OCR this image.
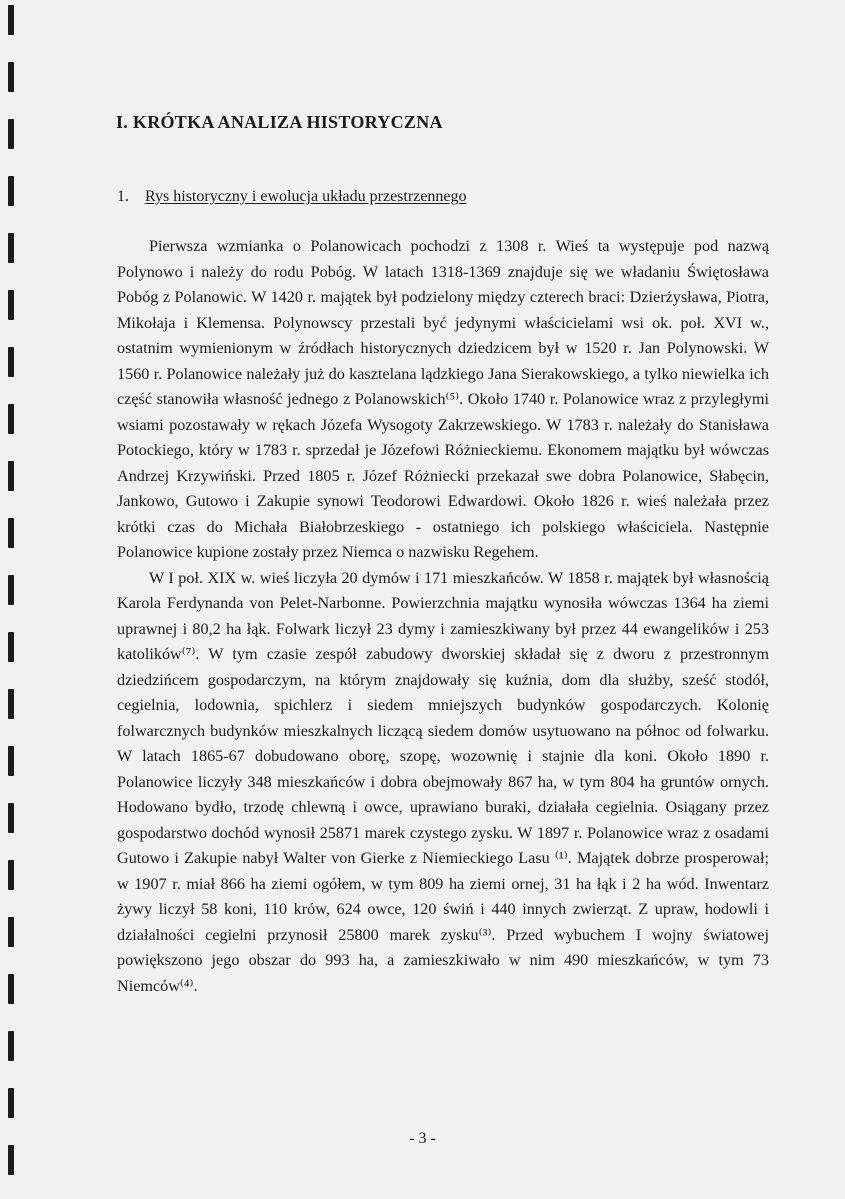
I. KRÓTKA ANALIZA HISTORYCZNA
1. Rys historyczny i ewolucja układu przestrzennego

Pierwsza wzmianka o Polanowicach pochodzi z 1308 r. Wieś ta występuje pod nazwą Polynowo i należy do rodu Pobóg. W latach 1318-1369 znajduje się we władaniu Świętosława Pobóg z Polanowic. W 1420 r. majątek był podzielony między czterech braci: Dzierżysława, Piotra, Mikołaja i Klemensa. Polynowscy przestali być jedynymi właścicielami wsi ok. poł. XVI w., ostatnim wymienionym w źródłach historycznych dziedzicem był w 1520 r. Jan Polynowski. W 1560 r. Polanowice należały już do kasztelana lądzkiego Jana Sierakowskiego, a tylko niewielka ich część stanowiła własność jednego z Polanowskich⁽⁵⁾. Około 1740 r. Polanowice wraz z przyległymi wsiami pozostawały w rękach Józefa Wysogoty Zakrzewskiego. W 1783 r. należały do Stanisława Potockiego, który w 1783 r. sprzedał je Józefowi Różnieckiemu. Ekonomem majątku był wówczas Andrzej Krzywiński. Przed 1805 r. Józef Różniecki przekazał swe dobra Polanowice, Słabęcin, Jankowo, Gutowo i Zakupie synowi Teodorowi Edwardowi. Około 1826 r. wieś należała przez krótki czas do Michała Białobrzeskiego - ostatniego ich polskiego właściciela. Następnie Polanowice kupione zostały przez Niemca o nazwisku Regehem.

W I poł. XIX w. wieś liczyła 20 dymów i 171 mieszkańców. W 1858 r. majątek był własnością Karola Ferdynanda von Pelet-Narbonne. Powierzchnia majątku wynosiła wówczas 1364 ha ziemi uprawnej i 80,2 ha łąk. Folwark liczył 23 dymy i zamieszkiwany był przez 44 ewangelików i 253 katolików⁽⁷⁾. W tym czasie zespół zabudowy dworskiej składał się z dworu z przestronnym dziedzińcem gospodarczym, na którym znajdowały się kuźnia, dom dla służby, sześć stodół, cegielnia, lodownia, spichlerz i siedem mniejszych budynków gospodarczych. Kolonię folwarcznych budynków mieszkalnych liczącą siedem domów usytuowano na północ od folwarku. W latach 1865-67 dobudowano oborę, szopę, wozownię i stajnie dla koni. Około 1890 r. Polanowice liczyły 348 mieszkańców i dobra obejmowały 867 ha, w tym 804 ha gruntów ornych. Hodowano bydło, trzodę chlewną i owce, uprawiano buraki, działała cegielnia. Osiągany przez gospodarstwo dochód wynosił 25871 marek czystego zysku. W 1897 r. Polanowice wraz z osadami Gutowo i Zakupie nabył Walter von Gierke z Niemieckiego Lasu ⁽¹⁾. Majątek dobrze prosperował; w 1907 r. miał 866 ha ziemi ogółem, w tym 809 ha ziemi ornej, 31 ha łąk i 2 ha wód. Inwentarz żywy liczył 58 koni, 110 krów, 624 owce, 120 świń i 440 innych zwierząt. Z upraw, hodowli i działalności cegielni przynosił 25800 marek zysku⁽³⁾. Przed wybuchem I wojny światowej powiększono jego obszar do 993 ha, a zamieszkiwało w nim 490 mieszkańców, w tym 73 Niemców⁽⁴⁾.

- 3 -
